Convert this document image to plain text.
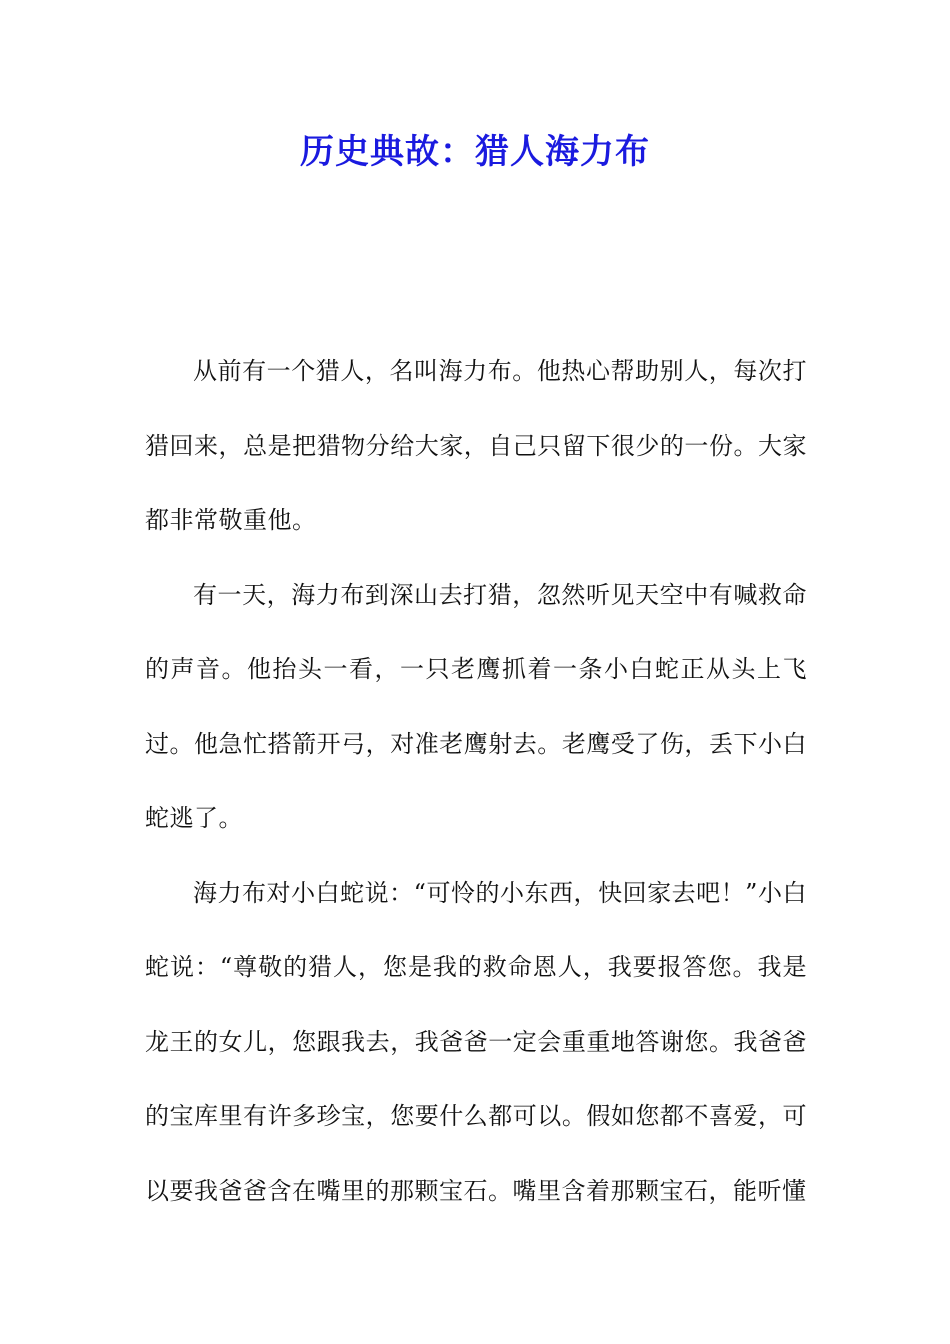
历史典故：猎人海力布

从前有一个猎人，名叫海力布。他热心帮助别人，每次打猎回来，总是把猎物分给大家，自己只留下很少的一份。大家都非常敬重他。

有一天，海力布到深山去打猎，忽然听见天空中有喊救命的声音。他抬头一看，一只老鹰抓着一条小白蛇正从头上飞过。他急忙搭箭开弓，对准老鹰射去。老鹰受了伤，丢下小白蛇逃了。

海力布对小白蛇说：“可怜的小东西，快回家去吧！”小白蛇说：“尊敬的猎人，您是我的救命恩人，我要报答您。我是龙王的女儿，您跟我去，我爸爸一定会重重地答谢您。我爸爸的宝库里有许多珍宝，您要什么都可以。假如您都不喜爱，可以要我爸爸含在嘴里的那颗宝石。嘴里含着那颗宝石，能听懂
